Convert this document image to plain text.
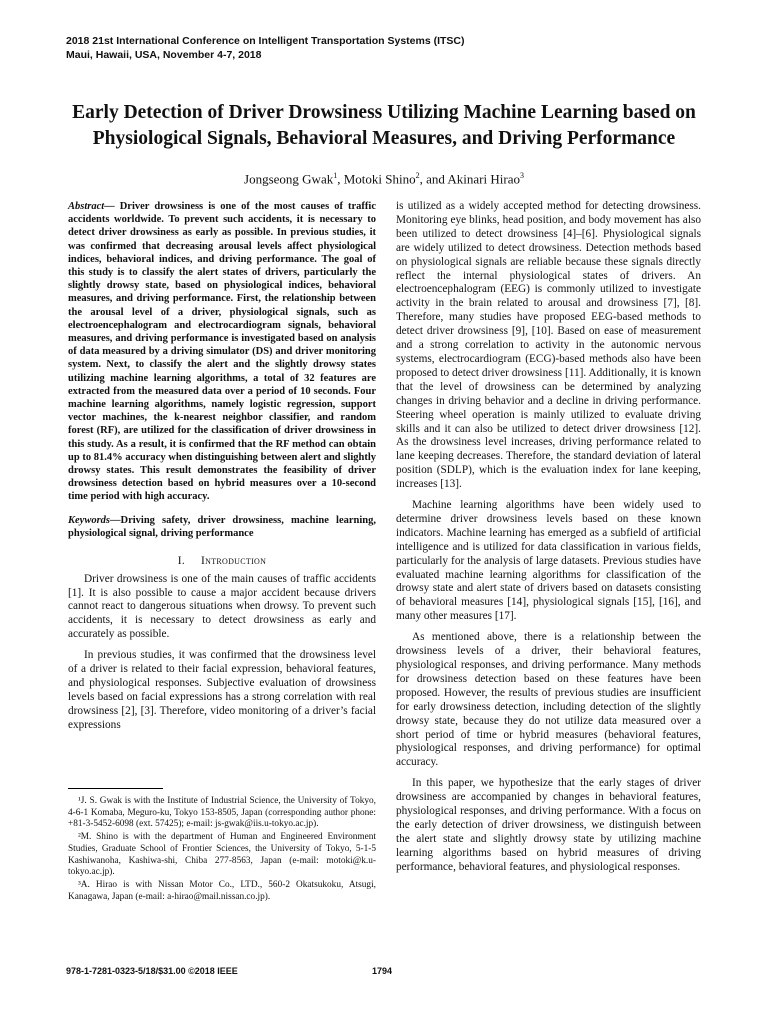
2018 21st International Conference on Intelligent Transportation Systems (ITSC)
Maui, Hawaii, USA, November 4-7, 2018
Early Detection of Driver Drowsiness Utilizing Machine Learning based on Physiological Signals, Behavioral Measures, and Driving Performance
Jongseong Gwak$^1$, Motoki Shino$^2$, and Akinari Hirao$^3$

Abstract— Driver drowsiness is one of the most causes of traffic accidents worldwide. To prevent such accidents, it is necessary to detect driver drowsiness as early as possible. In previous studies, it was confirmed that decreasing arousal levels affect physiological indices, behavioral indices, and driving performance. The goal of this study is to classify the alert states of drivers, particularly the slightly drowsy state, based on physiological indices, behavioral measures, and driving performance. First, the relationship between the arousal level of a driver, physiological signals, such as electroencephalogram and electrocardiogram signals, behavioral measures, and driving performance is investigated based on analysis of data measured by a driving simulator (DS) and driver monitoring system. Next, to classify the alert and the slightly drowsy states utilizing machine learning algorithms, a total of 32 features are extracted from the measured data over a period of 10 seconds. Four machine learning algorithms, namely logistic regression, support vector machines, the k-nearest neighbor classifier, and random forest (RF), are utilized for the classification of driver drowsiness in this study. As a result, it is confirmed that the RF method can obtain up to 81.4% accuracy when distinguishing between alert and slightly drowsy states. This result demonstrates the feasibility of driver drowsiness detection based on hybrid measures over a 10-second time period with high accuracy.

Keywords—Driving safety, driver drowsiness, machine learning, physiological signal, driving performance

I. Introduction

Driver drowsiness is one of the main causes of traffic accidents [1]. It is also possible to cause a major accident because drivers cannot react to dangerous situations when drowsy. To prevent such accidents, it is necessary to detect drowsiness as early and accurately as possible.

In previous studies, it was confirmed that the drowsiness level of a driver is related to their facial expression, behavioral features, and physiological responses. Subjective evaluation of drowsiness levels based on facial expressions has a strong correlation with real drowsiness [2], [3]. Therefore, video monitoring of a driver’s facial expressions

¹J. S. Gwak is with the Institute of Industrial Science, the University of Tokyo, 4-6-1 Komaba, Meguro-ku, Tokyo 153-8505, Japan (corresponding author phone: +81-3-5452-6098 (ext. 57425); e-mail: js-gwak@iis.u-tokyo.ac.jp).

²M. Shino is with the department of Human and Engineered Environment Studies, Graduate School of Frontier Sciences, the University of Tokyo, 5-1-5 Kashiwanoha, Kashiwa-shi, Chiba 277-8563, Japan (e-mail: motoki@k.u-tokyo.ac.jp).

³A. Hirao is with Nissan Motor Co., LTD., 560-2 Okatsukoku, Atsugi, Kanagawa, Japan (e-mail: a-hirao@mail.nissan.co.jp).

is utilized as a widely accepted method for detecting drowsiness. Monitoring eye blinks, head position, and body movement has also been utilized to detect drowsiness [4]–[6]. Physiological signals are widely utilized to detect drowsiness. Detection methods based on physiological signals are reliable because these signals directly reflect the internal physiological states of drivers. An electroencephalogram (EEG) is commonly utilized to investigate activity in the brain related to arousal and drowsiness [7], [8]. Therefore, many studies have proposed EEG-based methods to detect driver drowsiness [9], [10]. Based on ease of measurement and a strong correlation to activity in the autonomic nervous systems, electrocardiogram (ECG)-based methods also have been proposed to detect driver drowsiness [11]. Additionally, it is known that the level of drowsiness can be determined by analyzing changes in driving behavior and a decline in driving performance. Steering wheel operation is mainly utilized to evaluate driving skills and it can also be utilized to detect driver drowsiness [12]. As the drowsiness level increases, driving performance related to lane keeping decreases. Therefore, the standard deviation of lateral position (SDLP), which is the evaluation index for lane keeping, increases [13].

Machine learning algorithms have been widely used to determine driver drowsiness levels based on these known indicators. Machine learning has emerged as a subfield of artificial intelligence and is utilized for data classification in various fields, particularly for the analysis of large datasets. Previous studies have evaluated machine learning algorithms for classification of the drowsy state and alert state of drivers based on datasets consisting of behavioral measures [14], physiological signals [15], [16], and many other measures [17].

As mentioned above, there is a relationship between the drowsiness levels of a driver, their behavioral features, physiological responses, and driving performance. Many methods for drowsiness detection based on these features have been proposed. However, the results of previous studies are insufficient for early drowsiness detection, including detection of the slightly drowsy state, because they do not utilize data measured over a short period of time or hybrid measures (behavioral features, physiological responses, and driving performance) for optimal accuracy.

In this paper, we hypothesize that the early stages of driver drowsiness are accompanied by changes in behavioral features, physiological responses, and driving performance. With a focus on the early detection of driver drowsiness, we distinguish between the alert state and slightly drowsy state by utilizing machine learning algorithms based on hybrid measures of driving performance, behavioral features, and physiological responses.

978-1-7281-0323-5/18/$31.00 ©2018 IEEE	1794
